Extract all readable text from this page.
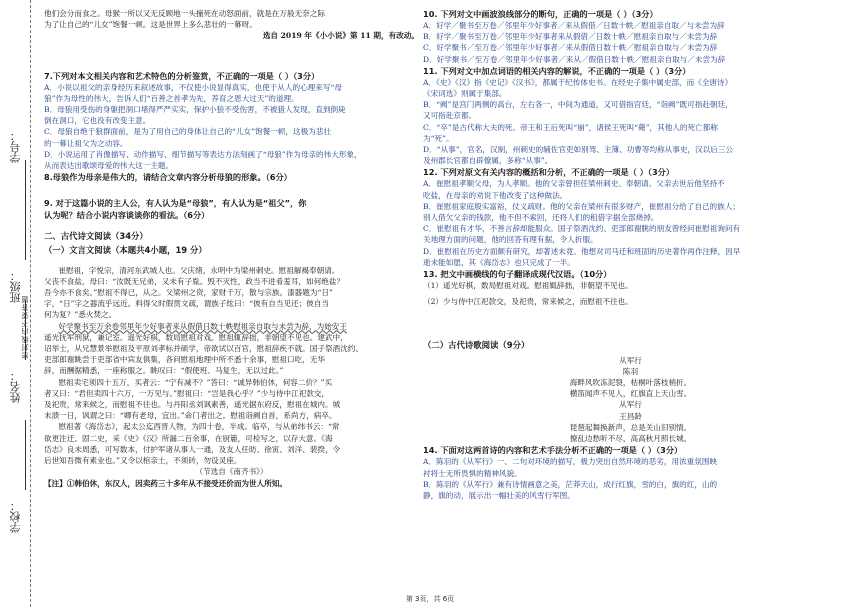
学校：
姓名：
班级：
学号：
密封线内不要答题

他们会分而食之。母猴一所以又无反顾地一头撞死在动怒面前，就是在万般无奈之际

为了让自己的“儿女”饱餐一顿。这是世界上多么悲壮的一幕呀。

选自 2019 年《小小说》第 11 期，有改动。

7.下列对本文相关内容和艺术特色的分析鉴赏，不正确的一项是（ ）（3分）

A．小说以祖父的亲身经历来叙述故事，不仅使小说显得真实，也使于从人的心理来写“母

狼”作为母性的伟大，告诉人们“百善之首孝为先，养育之恩大过天”的道理。

B．母狼用受伤的身躯把洞口堵得严严实实，保护小狼不受伤害，不被猎人发现，直到倒毙

倒在洞口，它也没有改变主意。

C．母狼自绝于狼群面前，是为了用自己的身体让自己的“儿女”饱餐一顿，这极为悲壮

的一幕让祖父为之动容。

D．小说运用了肖像描写、动作描写、细节描写等表达方法刻画了“母狼”作为母亲的伟大形象，

从而表达出歌颂母爱的伟大这一主题。

8.母狼作为母亲是伟大的，请结合文章内容分析母狼的形象。（6分）

9. 对于这篇小说的主人公，有人认为是“母狼”，有人认为是“祖父”，你

认为呢？结合小说内容谈谈你的看法。（6分）

二、古代诗文阅读（34分）

（一）文言文阅读（本题共4小题，19 分）

崔慰祖，字悦宗，清河东武城人也。父庆绪，永明中为梁州刺史。慰祖解褐奉朝请。

父丧不食盐，母曰：“汝既无兄弟，又未有子胤。毁不灭性，政当不进肴羞耳，如何绝盐？

吾今亦不食矣。”慰祖不得已，从之。父梁州之资，家财千万，散与宗族。漆器题为“日”

字，“日”字之器流乎远近。料得父时假贯文疏，谓族子纮曰：“彼有自当见还；彼自当

何为复？”悉火焚之。

好学聚书至万余卷邻里年少好事者来从假借日数十帙慰祖亲自取与未尝为辞，为始安王

遥光抚军刑狱，兼记室。遥光好棋，数局慰祖对戏。慰祖辄辞拙，非朝望不见也。建武中，

诏举士，从兄慧景举慰祖及平原刘孝标并硕学，帝欲试以百官，慰祖辞疾不就。国子祭酒沈约、

吏部郎谢眺尝于吏部省中宾友俱集，各问慰祖地理中所不悉十余事，慰祖口吃，无华

辞，而酬据精悉，一座称服之。眺叹曰：“假使班、马复生，无以过此。”

慰祖卖宅须四十五万，买者云：“宁有减不？”答曰：“诚异韩伯休，何容二价？”买

者又曰：“君但卖四十六万，一万见与。”慰祖曰：“岂是我心乎？”少与侍中江祀款交，

及祀贵，常来候之，而慰祖不往也。与丹阳丞刘讽素善，遥光据东府反，慰祖在城内。城

未溃一日，讽谓之曰：“卿有老母，宜出。”命门者出之。慰祖诣阙自首，系尚方，病卒。

慰祖著《海岱志》，起太公迄西晋人物，为四十卷，半成。临卒，与从弟纬书云：“常

欲更注迁、固二史，采《史》《汉》所漏二百余事，在厨簏，可检写之，以存大意。《海

岱志》良未周悉，可写数本，付护军诸从事人一通，及友人任昉、徐寅、刘洋、裴揆，令

后世知吾微有素业也。”又令以棺亲土，不须砖，勿设灵座。

（节选自《南齐书》）

【注】①韩伯休，东汉人，因卖药三十多年从不接受还价而为世人所知。

10. 下列对文中画波浪线部分的断句，正确的一项是（ ）（3分）

A．好学／聚书至万卷／邻里年少好事者／来从假借／日数十帙／慰祖亲自取／与未尝为辞

B．好学／聚书至万卷／邻里年少好事者来从假借／日数十帙／慰祖亲自取与／未尝为辞

C．好学聚书／至万卷／邻里年少好事者／来从假借日数十帙／慰祖亲自取与／未尝为辞

D．好学聚书／至万卷／邻里年少好事者／来从／假借日数十帙／慰祖亲自取与／未尝为辞

11. 下列对文中加点词语的相关内容的解说，不正确的一项是（ ）（3分）

A．《史》《汉》指《史记》《汉书》，都属于纪传体史书。在经史子集中属史部，而《全唐诗》

《宋词选》则属于集部。

B．“阙”是宫门两侧的高台，左右各一，中间为通道，又可借指宫廷，“诣阙”既可指赴朝廷，

又可指赴京都。

C．“卒”是古代称大夫的死。帝王和王后死叫“崩”，诸侯王死叫“薨”，其他人的死亡都称

为“死”。

D．“从事”，官名，汉制，州刺史的辅佐官吏如别驾、主簿、功曹等均称从事史，汉以后三公

及州郡长官都自辟僚属，多称“从事”。

12. 下列对原文有关内容的概括和分析，不正确的一项是（ ）（3分）

A．崔慰祖孝顺父母，为人孝顺。他的父亲曾担任梁州刺史、奉朝请。父亲去世后他坚持不

吃盐，在母亲的劝说下他改变了这种做法。

B．崔慰祖家庭殷实富裕，仗义疏财。他的父亲在梁州有很多财产，崔慰祖分给了自己的族人；

别人借欠父亲的钱款，他不但不索回，还将人们的租借字据全部烧掉。

C．崔慰祖有才华，不善言辞却能服众。国子祭酒沈约、吏部郎谢朓的朋友曾经问崔慰祖询问有

关地理方面的问题，他的回答有理有据，令人折服。

D．崔慰祖在历史方面颇有研究，却著述未竟。他想对司马迁和班固的历史著作再作注释，因早

逝未能如愿，其《海岱志》也只完成了一半。

13. 把文中画横线的句子翻译成现代汉语。（10分）

（1）遥光好棋，数局慰祖对戏。慰祖辄辞拙，非朝望不见也。

（2）少与侍中江祀款交，及祀贵，常来候之，而慰祖不往也。

（二）古代诗歌阅读（9分）

从军行

陈羽

海畔风吹冻泥裂，枯桐叶落枝梢折。

横笛闻声不见人，红旗直上天山雪。

从军行

王昌龄

琵琶起舞换新声，总是关山旧别情。

撩乱边愁听不尽，高高秋月照长城。

14. 下面对这两首诗的内容和艺术手法分析不正确的一项是（ ）（3分）

A．陈羽的《从军行》一、二句对环境的描写，极力突出自然环境的恶劣，用浓重氛围映

衬将士无所畏惧的精神风貌。

B．陈羽的《从军行》兼有诗情画意之美，茫莽天山，成行红旗，雪的白，旗的红，山的

静，旗的动，展示出一幅壮美的风雪行军图。

第 3页，共 6页
